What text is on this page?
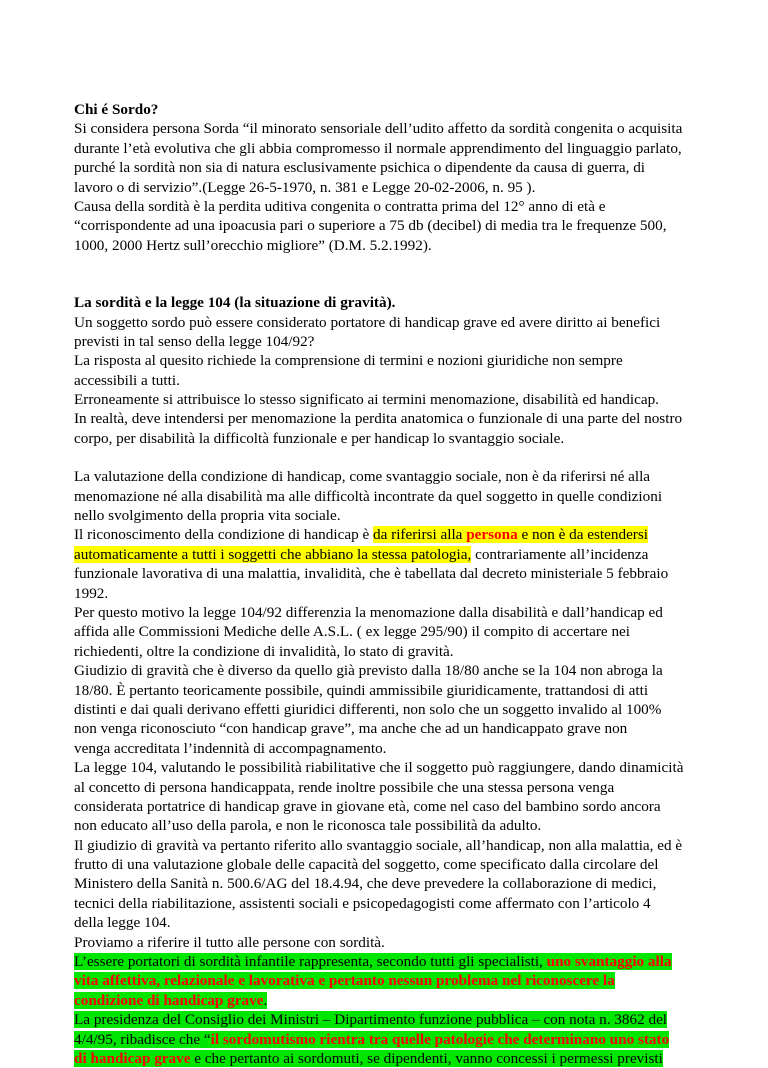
Chi é Sordo?
Si considera persona Sorda “il minorato sensoriale dell’udito affetto da sordità congenita o acquisita
durante l’età evolutiva che gli abbia compromesso il normale apprendimento del linguaggio parlato,
purché la sordità non sia di natura esclusivamente psichica o dipendente da causa di guerra, di
lavoro o di servizio”.(Legge 26-5-1970, n. 381 e Legge 20-02-2006, n. 95 ).
Causa della sordità è la perdita uditiva congenita o contratta prima del 12° anno di età e
“corrispondente ad una ipoacusia pari o superiore a 75 db (decibel) di media tra le frequenze 500,
1000, 2000 Hertz sull’orecchio migliore” (D.M. 5.2.1992).
La sordità e la legge 104 (la situazione di gravità).
Un soggetto sordo può essere considerato portatore di handicap grave ed avere diritto ai benefici
previsti in tal senso della legge 104/92?
La risposta al quesito richiede la comprensione di termini e nozioni giuridiche non sempre
accessibili a tutti.
Erroneamente si attribuisce lo stesso significato ai termini menomazione, disabilità ed handicap.
In realtà, deve intendersi per menomazione la perdita anatomica o funzionale di una parte del nostro
corpo, per disabilità la difficoltà funzionale e per handicap lo svantaggio sociale.
La valutazione della condizione di handicap, come svantaggio sociale, non è da riferirsi né alla
menomazione né alla disabilità ma alle difficoltà incontrate da quel soggetto in quelle condizioni
nello svolgimento della propria vita sociale.
Il riconoscimento della condizione di handicap è da riferirsi alla persona e non è da estendersi
automaticamente a tutti i soggetti che abbiano la stessa patologia, contrariamente all’incidenza
funzionale lavorativa di una malattia, invalidità, che è tabellata dal decreto ministeriale 5 febbraio
1992.
Per questo motivo la legge 104/92 differenzia la menomazione dalla disabilità e dall’handicap ed
affida alle Commissioni Mediche delle A.S.L. ( ex legge 295/90) il compito di accertare nei
richiedenti, oltre la condizione di invalidità, lo stato di gravità.
Giudizio di gravità che è diverso da quello già previsto dalla 18/80 anche se la 104 non abroga la
18/80. È pertanto teoricamente possibile, quindi ammissibile giuridicamente, trattandosi di atti
distinti e dai quali derivano effetti giuridici differenti, non solo che un soggetto invalido al 100%
non venga riconosciuto “con handicap grave”, ma anche che ad un handicappato grave non
venga accreditata l’indennità di accompagnamento.
La legge 104, valutando le possibilità riabilitative che il soggetto può raggiungere, dando dinamicità
al concetto di persona handicappata, rende inoltre possibile che una stessa persona venga
considerata portatrice di handicap grave in giovane età, come nel caso del bambino sordo ancora
non educato all’uso della parola, e non le riconosca tale possibilità da adulto.
Il giudizio di gravità va pertanto riferito allo svantaggio sociale, all’handicap, non alla malattia, ed è
frutto di una valutazione globale delle capacità del soggetto, come specificato dalla circolare del
Ministero della Sanità n. 500.6/AG del 18.4.94, che deve prevedere la collaborazione di medici,
tecnici della riabilitazione, assistenti sociali e psicopedagogisti come affermato con l’articolo 4
della legge 104.
Proviamo a riferire il tutto alle persone con sordità.
L’essere portatori di sordità infantile rappresenta, secondo tutti gli specialisti, uno svantaggio alla
vita affettiva, relazionale e lavorativa e pertanto nessun problema nel riconoscere la
condizione di handicap grave.
La presidenza del Consiglio dei Ministri – Dipartimento funzione pubblica – con nota n. 3862 del
4/4/95, ribadisce che “il sordomutismo rientra tra quelle patologie che determinano uno stato
di handicap grave e che pertanto ai sordomuti, se dipendenti, vanno concessi i permessi previsti
